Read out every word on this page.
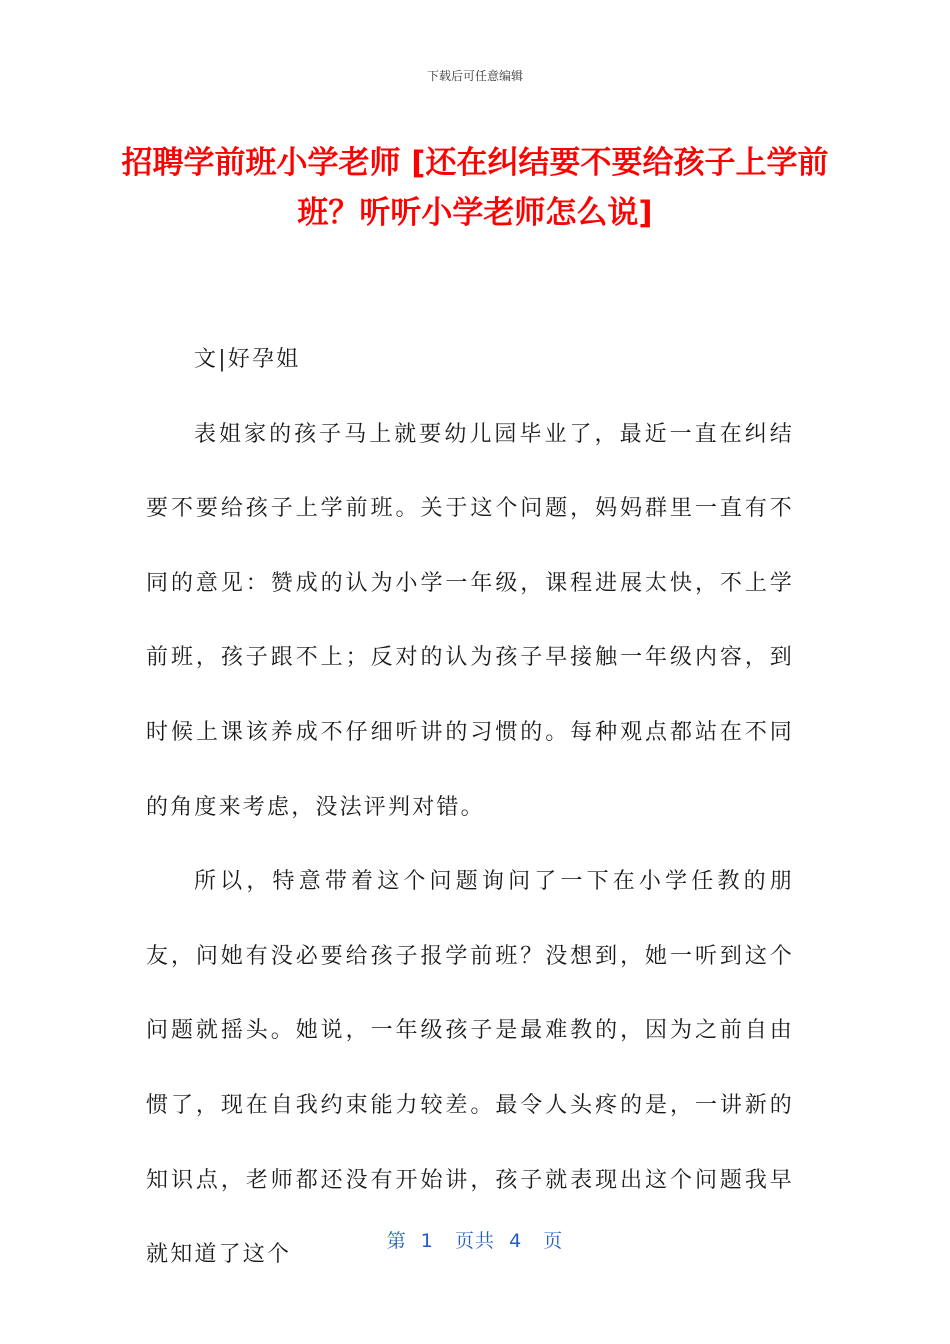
下载后可任意编辑
招聘学前班小学老师 [还在纠结要不要给孩子上学前班？听听小学老师怎么说]

文|好孕姐

表姐家的孩子马上就要幼儿园毕业了，最近一直在纠结要不要给孩子上学前班。关于这个问题，妈妈群里一直有不同的意见：赞成的认为小学一年级，课程进展太快，不上学前班，孩子跟不上；反对的认为孩子早接触一年级内容，到时候上课该养成不仔细听讲的习惯的。每种观点都站在不同的角度来考虑，没法评判对错。

所以，特意带着这个问题询问了一下在小学任教的朋友，问她有没必要给孩子报学前班？没想到，她一听到这个问题就摇头。她说，一年级孩子是最难教的，因为之前自由惯了，现在自我约束能力较差。最令人头疼的是，一讲新的知识点，老师都还没有开始讲，孩子就表现出这个问题我早就知道了这个

第  1   页共  4   页
